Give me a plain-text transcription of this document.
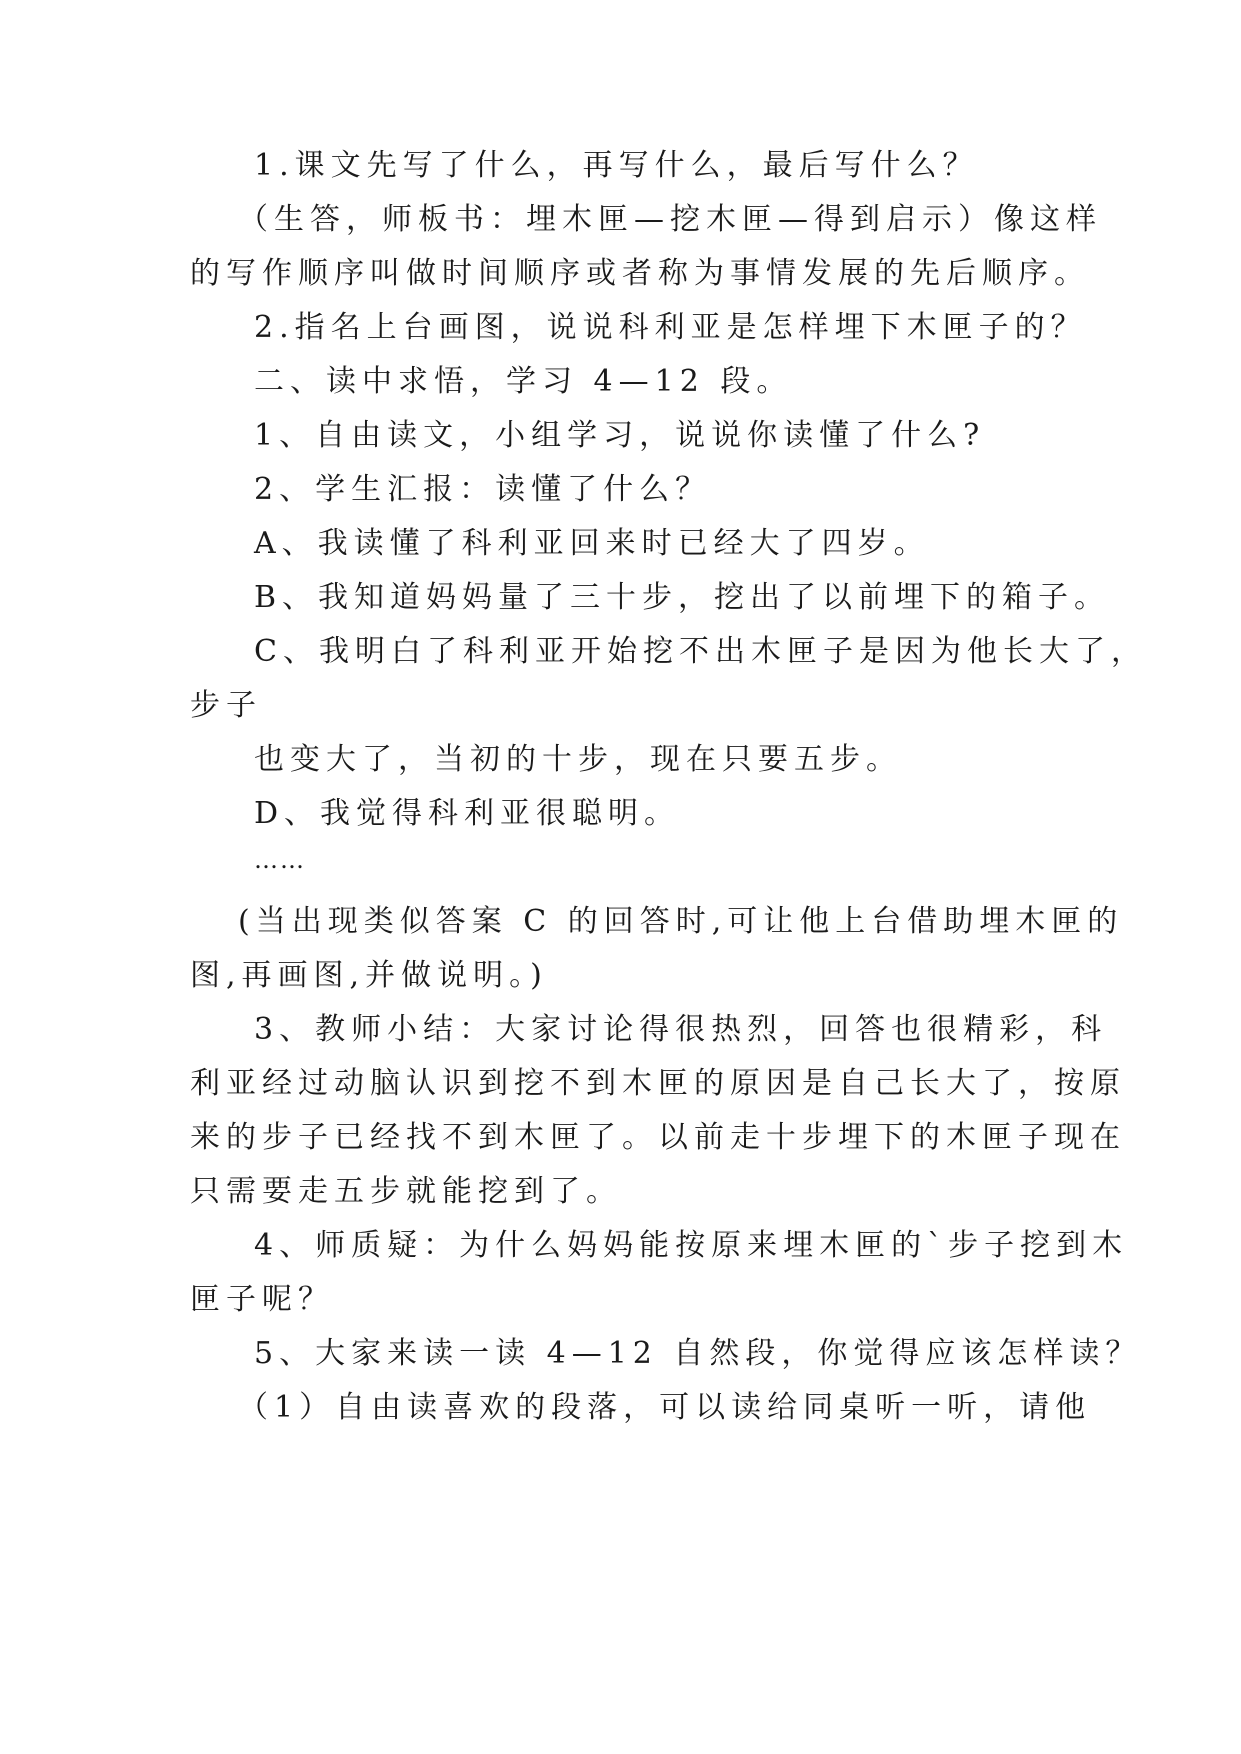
1.课文先写了什么，再写什么，最后写什么？
（生答，师板书：埋木匣—挖木匣—得到启示）像这样
的写作顺序叫做时间顺序或者称为事情发展的先后顺序。
2.指名上台画图，说说科利亚是怎样埋下木匣子的？
二、读中求悟，学习 4—12 段。
1、自由读文，小组学习，说说你读懂了什么?
2、学生汇报：读懂了什么？
A、我读懂了科利亚回来时已经大了四岁。
B、我知道妈妈量了三十步，挖出了以前埋下的箱子。
C、我明白了科利亚开始挖不出木匣子是因为他长大了，
步子
也变大了，当初的十步，现在只要五步。
D、我觉得科利亚很聪明。
……
(当出现类似答案 C 的回答时,可让他上台借助埋木匣的
图,再画图,并做说明。)
3、教师小结：大家讨论得很热烈，回答也很精彩，科
利亚经过动脑认识到挖不到木匣的原因是自己长大了，按原
来的步子已经找不到木匣了。以前走十步埋下的木匣子现在
只需要走五步就能挖到了。
4、师质疑：为什么妈妈能按原来埋木匣的`步子挖到木
匣子呢？
5、大家来读一读 4—12 自然段，你觉得应该怎样读？
（1）自由读喜欢的段落，可以读给同桌听一听，请他
